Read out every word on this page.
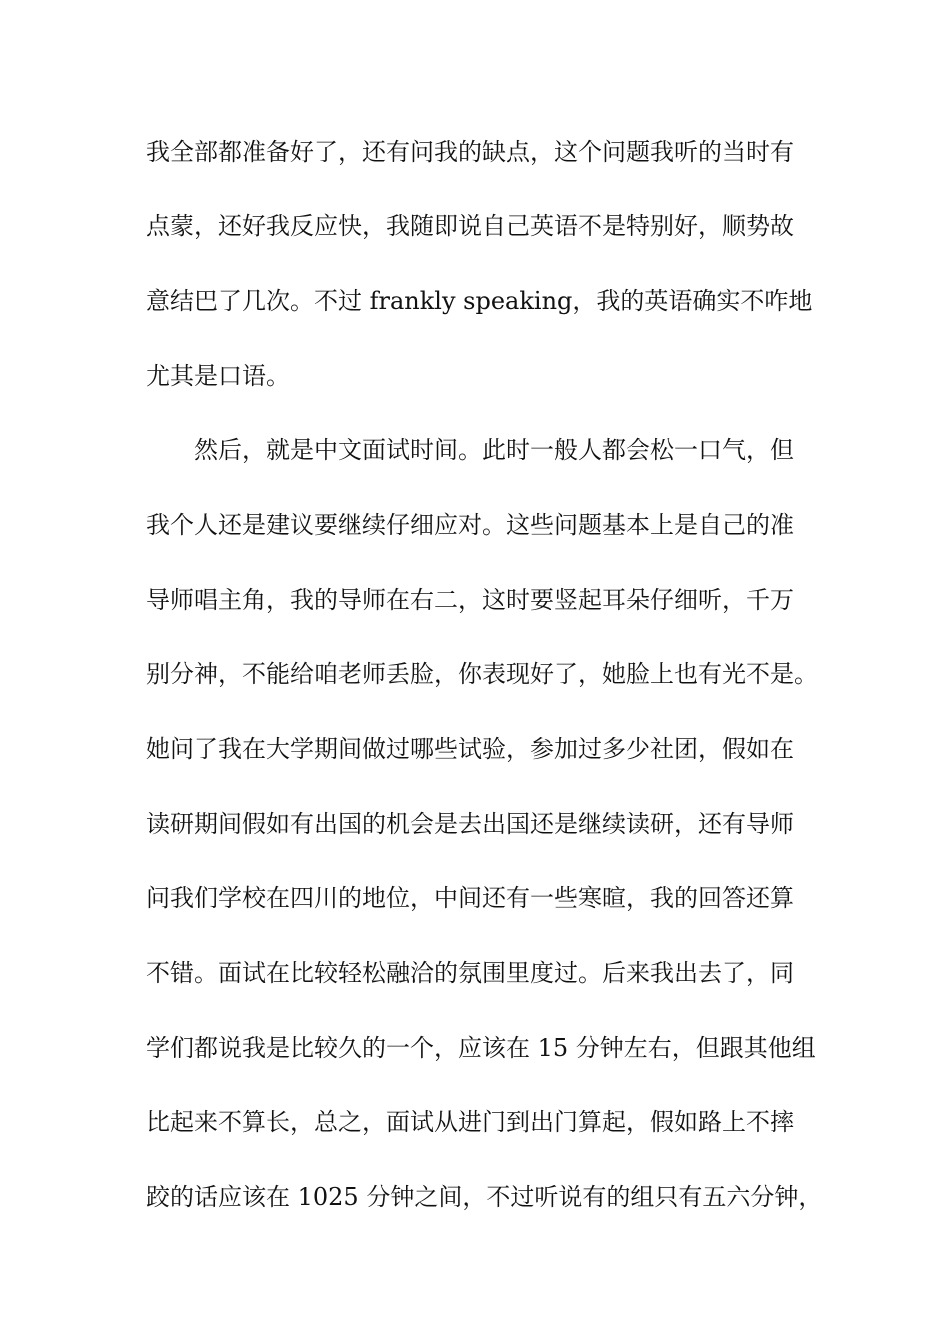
我全部都准备好了，还有问我的缺点，这个问题我听的当时有
点蒙，还好我反应快，我随即说自己英语不是特别好，顺势故
意结巴了几次。不过 frankly speaking，我的英语确实不咋地
尤其是口语。
然后，就是中文面试时间。此时一般人都会松一口气，但
我个人还是建议要继续仔细应对。这些问题基本上是自己的准
导师唱主角，我的导师在右二，这时要竖起耳朵仔细听，千万
别分神，不能给咱老师丢脸，你表现好了，她脸上也有光不是。
她问了我在大学期间做过哪些试验，参加过多少社团，假如在
读研期间假如有出国的机会是去出国还是继续读研，还有导师
问我们学校在四川的地位，中间还有一些寒暄，我的回答还算
不错。面试在比较轻松融洽的氛围里度过。后来我出去了，同
学们都说我是比较久的一个，应该在 15 分钟左右，但跟其他组
比起来不算长，总之，面试从进门到出门算起，假如路上不摔
跤的话应该在 1025 分钟之间，不过听说有的组只有五六分钟，
